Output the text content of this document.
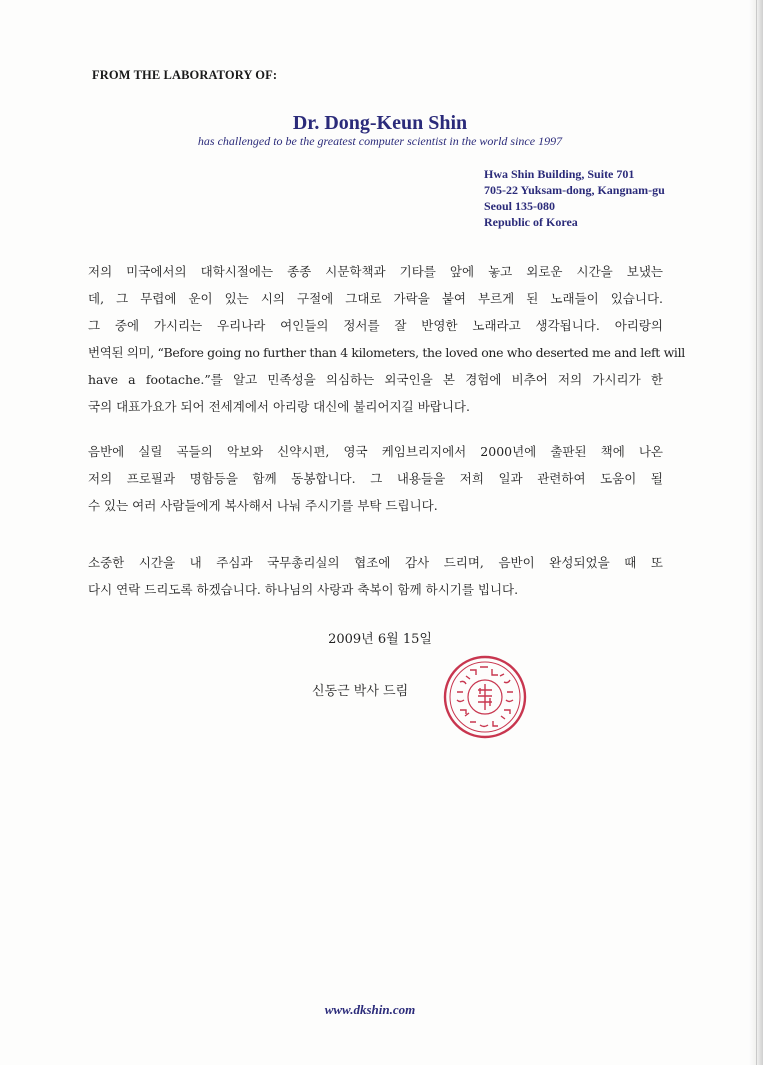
FROM THE LABORATORY OF:
Dr. Dong-Keun Shin
has challenged to be the greatest computer scientist in the world since 1997
Hwa Shin Building, Suite 701
705-22 Yuksam-dong, Kangnam-gu
Seoul 135-080
Republic of Korea
저의 미국에서의 대학시절에는 종종 시문학책과 기타를 앞에 놓고 외로운 시간을 보냈는
데, 그 무렵에 운이 있는 시의 구절에 그대로 가락을 붙여 부르게 된 노래들이 있습니다.
그 중에 가시리는 우리나라 여인들의 정서를 잘 반영한 노래라고 생각됩니다. 아리랑의
번역된 의미, “Before going no further than 4 kilometers, the loved one who deserted me and left will
have a footache.”를 알고 민족성을 의심하는 외국인을 본 경험에 비추어 저의 가시리가 한
국의 대표가요가 되어 전세계에서 아리랑 대신에 불리어지길 바랍니다.
음반에 실릴 곡들의 악보와 신약시편, 영국 케임브리지에서 2000년에 출판된 책에 나온
저의 프로필과 명함등을 함께 동봉합니다. 그 내용들을 저희 일과 관련하여 도움이 될
수 있는 여러 사람들에게 복사해서 나눠 주시기를 부탁 드립니다.
소중한 시간을 내 주심과 국무총리실의 협조에 감사 드리며, 음반이 완성되었을 때 또
다시 연락 드리도록 하겠습니다. 하나님의 사랑과 축복이 함께 하시기를 빕니다.
2009년 6월 15일
신동근 박사 드림
www.dkshin.com
